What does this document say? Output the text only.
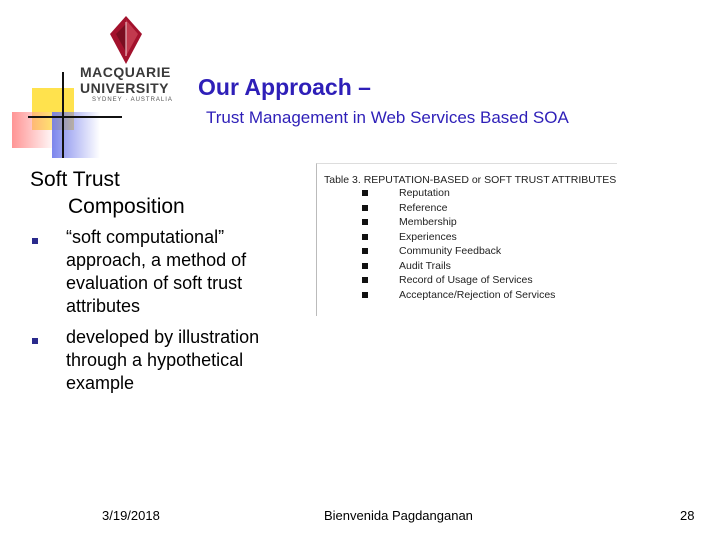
MACQUARIE
UNIVERSITY
SYDNEY · AUSTRALIA Our Approach –
Trust Management in Web Services Based SOA
Soft Trust
Composition
“soft computational” approach, a method of evaluation of soft trust attributes
developed by illustration through a hypothetical example
Table 3. REPUTATION-BASED or SOFT TRUST ATTRIBUTES
Reputation
Reference
Membership
Experiences
Community Feedback
Audit Trails
Record of Usage of Services
Acceptance/Rejection of Services
3/19/2018	Bienvenida Pagdanganan	28
